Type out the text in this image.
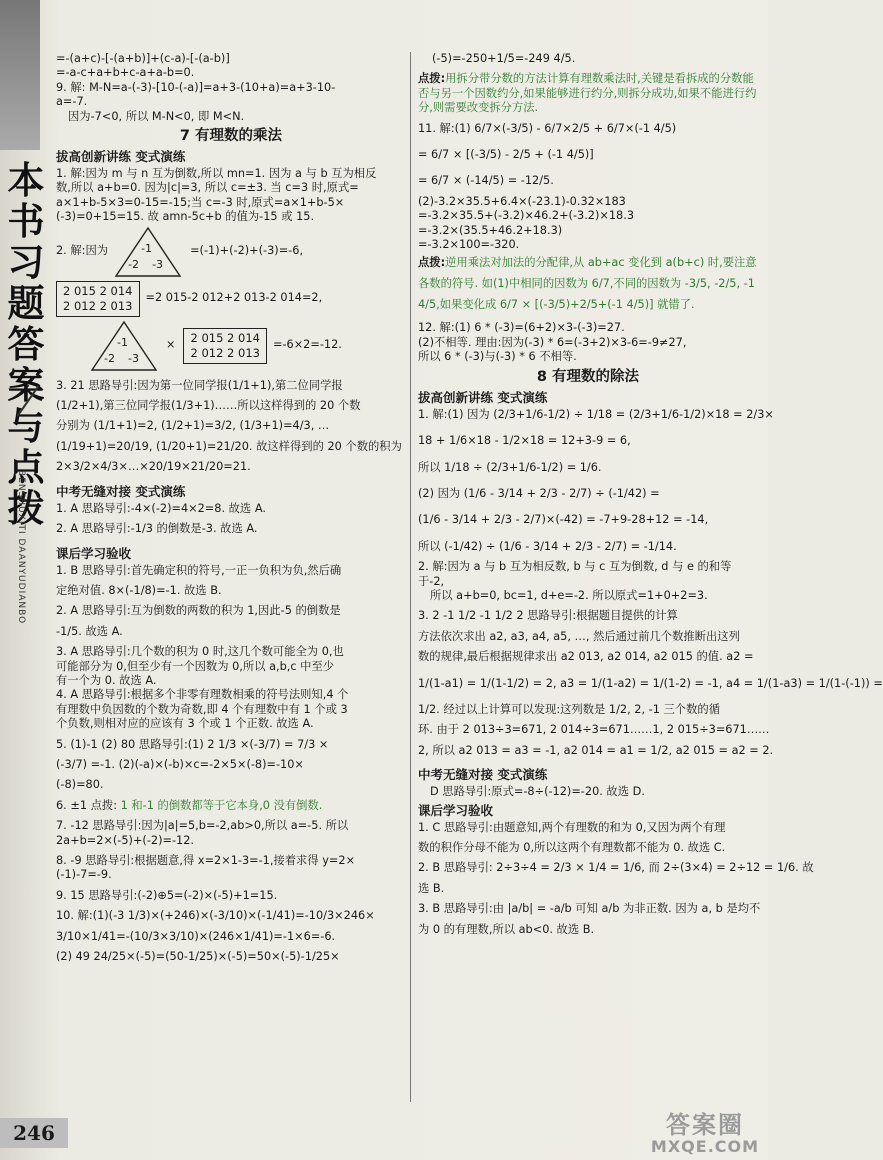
本书习题答案与点拨
BENSHUXITI DAANYUDIANBO
=-(a+c)-[-(a+b)]+(c-a)-[-(a-b)]
=-a-c+a+b+c-a+a-b=0.
9. 解: M-N=a-(-3)-[10-(-a)]=a+3-(10+a)=a+3-10-
a=-7.
因为-7<0, 所以 M-N<0, 即 M<N.
7 有理数的乘法
拔高创新讲练 变式演练
1. 解:因为 m 与 n 互为倒数,所以 mn=1. 因为 a 与 b 互为相反
数,所以 a+b=0. 因为|c|=3, 所以 c=±3. 当 c=3 时,原式=
a×1+b-5×3=0-15=-15;当 c=-3 时,原式=a×1+b-5×
(-3)=0+15=15. 故 amn-5c+b 的值为-15 或 15.
2. 解:因为	-1
-2 -3
=(-1)+(-2)+(-3)=-6,
2 015 2 014
2 012 2 013
=2 015-2 012+2 013-2 014=2,
-1
-2 -3
×
2 015 2 014
2 012 2 013
=-6×2=-12.
3. 21 思路导引:因为第一位同学报(1/1+1),第二位同学报
(1/2+1),第三位同学报(1/3+1)……所以这样得到的 20 个数
分别为 (1/1+1)=2, (1/2+1)=3/2, (1/3+1)=4/3, …
(1/19+1)=20/19, (1/20+1)=21/20. 故这样得到的 20 个数的积为
2×3/2×4/3×…×20/19×21/20=21.
中考无缝对接 变式演练
1. A 思路导引:-4×(-2)=4×2=8. 故选 A.
2. A 思路导引:-1/3 的倒数是-3. 故选 A.
课后学习验收
1. B 思路导引:首先确定积的符号,一正一负积为负,然后确
定绝对值. 8×(-1/8)=-1. 故选 B.
2. A 思路导引:互为倒数的两数的积为 1,因此-5 的倒数是
-1/5. 故选 A.
3. A 思路导引:几个数的积为 0 时,这几个数可能全为 0,也
可能部分为 0,但至少有一个因数为 0,所以 a,b,c 中至少
有一个为 0. 故选 A.
4. A 思路导引:根据多个非零有理数相乘的符号法则知,4 个
有理数中负因数的个数为奇数,即 4 个有理数中有 1 个或 3
个负数,则相对应的应该有 3 个或 1 个正数. 故选 A.
5. (1)-1 (2) 80 思路导引:(1) 2 1/3 ×(-3/7) = 7/3 ×
(-3/7) =-1. (2)(-a)×(-b)×c=-2×5×(-8)=-10×
(-8)=80.
6. ±1 点拨: 1 和-1 的倒数都等于它本身,0 没有倒数.
7. -12 思路导引:因为|a|=5,b=-2,ab>0,所以 a=-5. 所以
2a+b=2×(-5)+(-2)=-12.
8. -9 思路导引:根据题意,得 x=2×1-3=-1,接着求得 y=2×
(-1)-7=-9.
9. 15 思路导引:(-2)⊕5=(-2)×(-5)+1=15.
10. 解:(1)(-3 1/3)×(+246)×(-3/10)×(-1/41)=-10/3×246×
3/10×1/41=-(10/3×3/10)×(246×1/41)=-1×6=-6.
(2) 49 24/25×(-5)=(50-1/25)×(-5)=50×(-5)-1/25×
(-5)=-250+1/5=-249 4/5.
点拨:用拆分带分数的方法计算有理数乘法时,关键是看拆成的分数能否与另一个因数约分,如果能够进行约分,则拆分成功,如果不能进行约分,则需要改变拆分方法.
11. 解:(1) 6/7×(-3/5) - 6/7×2/5 + 6/7×(-1 4/5)
= 6/7 × [(-3/5) - 2/5 + (-1 4/5)]
= 6/7 × (-14/5) = -12/5.
(2)-3.2×35.5+6.4×(-23.1)-0.32×183
=-3.2×35.5+(-3.2)×46.2+(-3.2)×18.3
=-3.2×(35.5+46.2+18.3)
=-3.2×100=-320.
点拨:逆用乘法对加法的分配律,从 ab+ac 变化到 a(b+c) 时,要注意各数的符号. 如(1)中相同的因数为 6/7,不同的因数为 -3/5, -2/5, -1 4/5,如果变化成 6/7 × [(-3/5)+2/5+(-1 4/5)] 就错了.
12. 解:(1) 6 * (-3)=(6+2)×3-(-3)=27.
(2)不相等. 理由:因为(-3) * 6=(-3+2)×3-6=-9≠27,
所以 6 * (-3)与(-3) * 6 不相等.
8 有理数的除法
拔高创新讲练 变式演练
1. 解:(1) 因为 (2/3+1/6-1/2) ÷ 1/18 = (2/3+1/6-1/2)×18 = 2/3×
18 + 1/6×18 - 1/2×18 = 12+3-9 = 6,
所以 1/18 ÷ (2/3+1/6-1/2) = 1/6.
(2) 因为 (1/6 - 3/14 + 2/3 - 2/7) ÷ (-1/42) =
(1/6 - 3/14 + 2/3 - 2/7)×(-42) = -7+9-28+12 = -14,
所以 (-1/42) ÷ (1/6 - 3/14 + 2/3 - 2/7) = -1/14.
2. 解:因为 a 与 b 互为相反数, b 与 c 互为倒数, d 与 e 的和等
于-2,
所以 a+b=0, bc=1, d+e=-2. 所以原式=1+0+2=3.
3. 2 -1 1/2 -1 1/2 2 思路导引:根据题目提供的计算
方法依次求出 a2, a3, a4, a5, …, 然后通过前几个数推断出这列
数的规律,最后根据规律求出 a2 013, a2 014, a2 015 的值. a2 =
1/(1-a1) = 1/(1-1/2) = 2, a3 = 1/(1-a2) = 1/(1-2) = -1, a4 = 1/(1-a3) = 1/(1-(-1)) =
1/2. 经过以上计算可以发现:这列数是 1/2, 2, -1 三个数的循
环. 由于 2 013÷3=671, 2 014÷3=671……1, 2 015÷3=671……
2, 所以 a2 013 = a3 = -1, a2 014 = a1 = 1/2, a2 015 = a2 = 2.
中考无缝对接 变式演练
D 思路导引:原式=-8÷(-12)=-20. 故选 D.
课后学习验收
1. C 思路导引:由题意知,两个有理数的和为 0,又因为两个有理
数的积作分母不能为 0,所以这两个有理数都不能为 0. 故选 C.
2. B 思路导引: 2÷3÷4 = 2/3 × 1/4 = 1/6, 而 2÷(3×4) = 2÷12 = 1/6. 故
选 B.
3. B 思路导引:由 |a/b| = -a/b 可知 a/b 为非正数. 因为 a, b 是均不
为 0 的有理数,所以 ab<0. 故选 B.
246	答案圈
MXQE.COM
